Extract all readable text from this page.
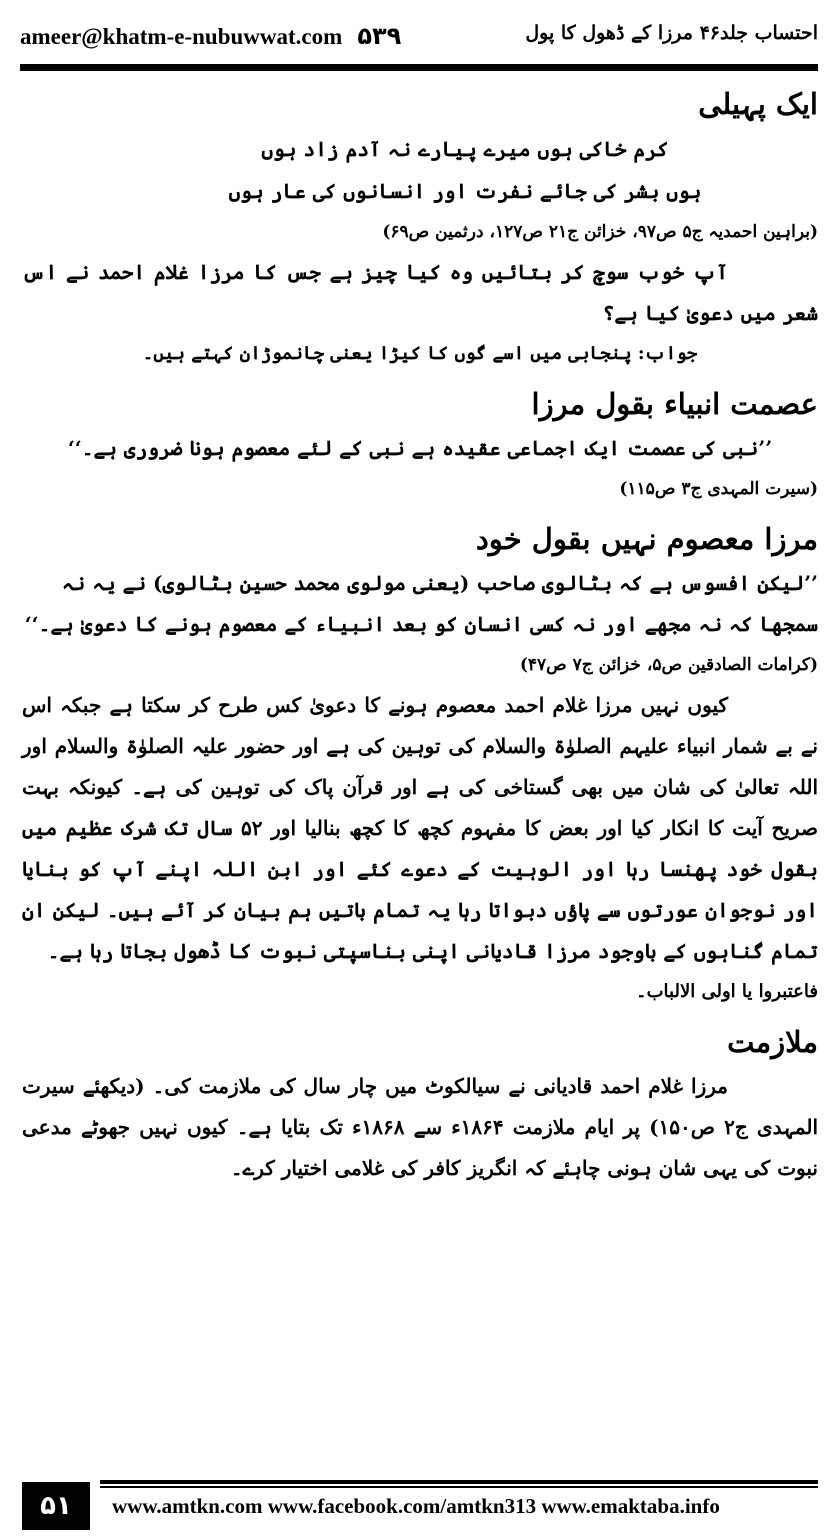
ameer@khatm-e-nubuwwat.com ۵۳۹	احتساب جلد۴۶ مرزا کے ڈھول کا پول
ایک پہیلی
کرم خاکی ہوں میرے پیارے نہ آدم زاد ہوں
ہوں بشر کی جائے نفرت اور انسانوں کی عار ہوں
(براہین احمدیہ ج۵ ص۹۷، خزائن ج۲۱ ص۱۲۷، درثمین ص۶۹)
آپ خوب سوچ کر بتائیں وہ کیا چیز ہے جس کا مرزا غلام احمد نے اس شعر میں دعویٰ کیا ہے؟
جواب: پنجابی میں اسے گوں کا کیڑا یعنی چانموڑان کہتے ہیں۔
عصمت انبیاء بقول مرزا
’’نبی کی عصمت ایک اجماعی عقیدہ ہے نبی کے لئے معصوم ہونا ضروری ہے۔‘‘
(سیرت المہدی ج۳ ص۱۱۵)
مرزا معصوم نہیں بقول خود
’’لیکن افسوس ہے کہ بٹالوی صاحب (یعنی مولوی محمد حسین بٹالوی) نے یہ نہ سمجھا کہ نہ مجھے اور نہ کسی انسان کو بعد انبیاء کے معصوم ہونے کا دعویٰ ہے۔‘‘
(کرامات الصادقین ص۵، خزائن ج۷ ص۴۷)
کیوں نہیں مرزا غلام احمد معصوم ہونے کا دعویٰ کس طرح کر سکتا ہے جبکہ اس نے بے شمار انبیاء علیہم الصلوٰۃ والسلام کی توہین کی ہے اور حضور علیہ الصلوٰۃ والسلام اور اللہ تعالیٰ کی شان میں بھی گستاخی کی ہے اور قرآن پاک کی توہین کی ہے۔ کیونکہ بہت صریح آیت کا انکار کیا اور بعض کا مفہوم کچھ کا کچھ بنالیا اور ۵۲ سال تک شرک عظیم میں بقول خود پھنسا رہا اور الوہیت کے دعوے کئے اور ابن اللہ اپنے آپ کو بنایا اور نوجوان عورتوں سے پاؤں دبواتا رہا یہ تمام باتیں ہم بیان کر آئے ہیں۔ لیکن ان تمام گناہوں کے باوجود مرزا قادیانی اپنی بناسپتی نبوت کا ڈھول بجاتا رہا ہے۔
فاعتبروا یا اولی الالباب۔
ملازمت
مرزا غلام احمد قادیانی نے سیالکوٹ میں چار سال کی ملازمت کی۔ (دیکھئے سیرت المہدی ج۲ ص۱۵۰) پر ایام ملازمت ۱۸۶۴ء سے ۱۸۶۸ء تک بتایا ہے۔ کیوں نہیں جھوٹے مدعی نبوت کی یہی شان ہونی چاہئے کہ انگریز کافر کی غلامی اختیار کرے۔
۵۱	www.amtkn.com www.facebook.com/amtkn313 www.emaktaba.info
